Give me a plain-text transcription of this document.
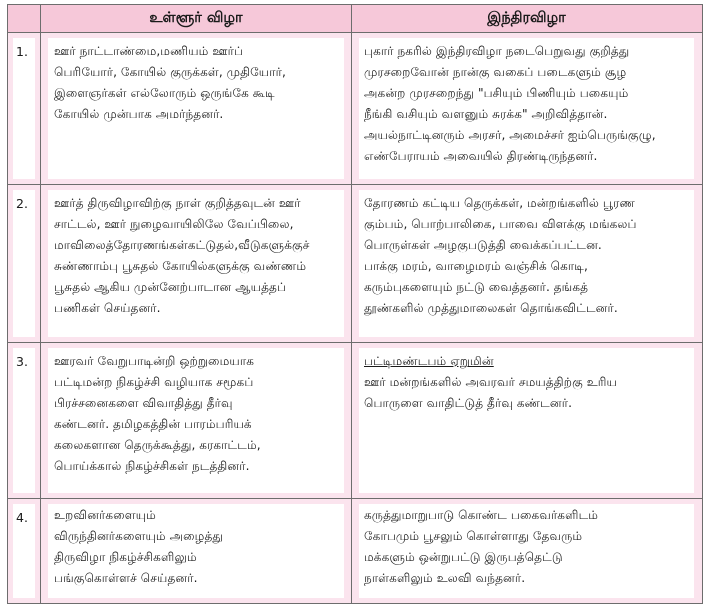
உள்ளூர் விழா	இந்திரவிழா
1. ஊர் நாட்டாண்மை,மணியம் ஊர்ப்
பெரியோர், கோயில் குருக்கள், முதியோர்,
இளைஞர்கள் எல்லோரும் ஒருங்கே கூடி
கோயில் முன்பாக அமர்ந்தனர்.
புகார் நகரில் இந்திரவிழா நடைபெறுவது குறித்து
முரசறைவோன் நான்கு வகைப் படைகளும் சூழ
அகன்ற முரசறைந்து "பசியும் பிணியும் பகையும்
நீங்கி வசியும் வளனும் சுரக்க" அறிவித்தான்.
அயல்நாட்டினரும் அரசர், அமைச்சர் ஐம்பெருங்குழு,
எண்பேராயம் அவையில் திரண்டிருந்தனர்.
2. ஊர்த் திருவிழாவிற்கு நாள் குறித்தவுடன் ஊர்
சாட்டல், ஊர் நுழைவாயிலிலே வேப்பிலை,
மாவிலைத்தோரணங்கள்கட்டுதல்,வீடுகளுக்குச்
சுண்ணாம்பு பூசுதல் கோயில்களுக்கு வண்ணம்
பூசுதல் ஆகிய முன்னேற்பாடான ஆயத்தப்
பணிகள் செய்தனர்.
தோரணம் கட்டிய தெருக்கள், மன்றங்களில் பூரண
கும்பம், பொற்பாலிகை, பாவை விளக்கு மங்கலப்
பொருள்கள் அழகுபடுத்தி வைக்கப்பட்டன.
பாக்கு மரம், வாழைமரம் வஞ்சிக் கொடி,
கரும்புகளையும் நட்டு வைத்தனர். தங்கத்
தூண்களில் முத்துமாலைகள் தொங்கவிட்டனர்.
3. ஊரவர் வேறுபாடின்றி ஒற்றுமையாக
பட்டிமன்ற நிகழ்ச்சி வழியாக சமூகப்
பிரச்சனைகளை விவாதித்து தீர்வு
கண்டனர். தமிழகத்தின் பாரம்பரியக்
கலைகளான தெருக்கூத்து, கரகாட்டம்,
பொய்க்கால் நிகழ்ச்சிகள் நடத்தினர்.
பட்டிமண்டபம் ஏறுமின்
ஊர் மன்றங்களில் அவரவர் சமயத்திற்கு உரிய
பொருளை வாதிட்டுத் தீர்வு கண்டனர்.
4. உறவினர்களையும்
விருந்தினர்களையும் அழைத்து
திருவிழா நிகழ்ச்சிகளிலும்
பங்குகொள்ளச் செய்தனர்.
கருத்துமாறுபாடு கொண்ட பகைவர்களிடம்
கோபமும் பூசலும் கொள்ளாது தேவரும்
மக்களும் ஒன்றுபட்டு இருபத்தெட்டு
நாள்களிலும் உலவி வந்தனர்.
